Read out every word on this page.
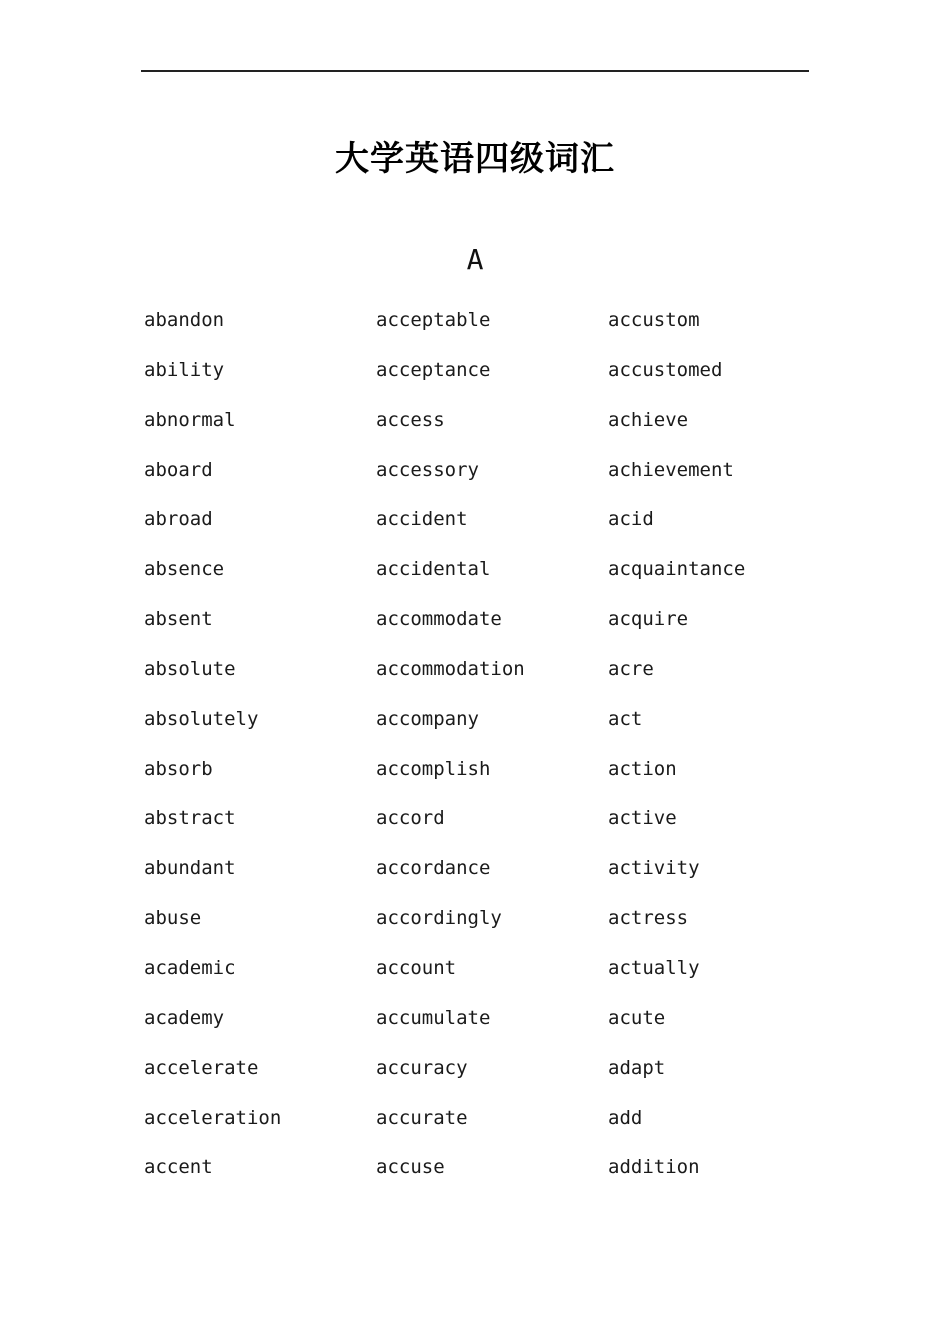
大学英语四级词汇
A
abandon
ability
abnormal
aboard
abroad
absence
absent
absolute
absolutely
absorb
abstract
abundant
abuse
academic
academy
accelerate
acceleration
accent
acceptable
acceptance
access
accessory
accident
accidental
accommodate
accommodation
accompany
accomplish
accord
accordance
accordingly
account
accumulate
accuracy
accurate
accuse
accustom
accustomed
achieve
achievement
acid
acquaintance
acquire
acre
act
action
active
activity
actress
actually
acute
adapt
add
addition
